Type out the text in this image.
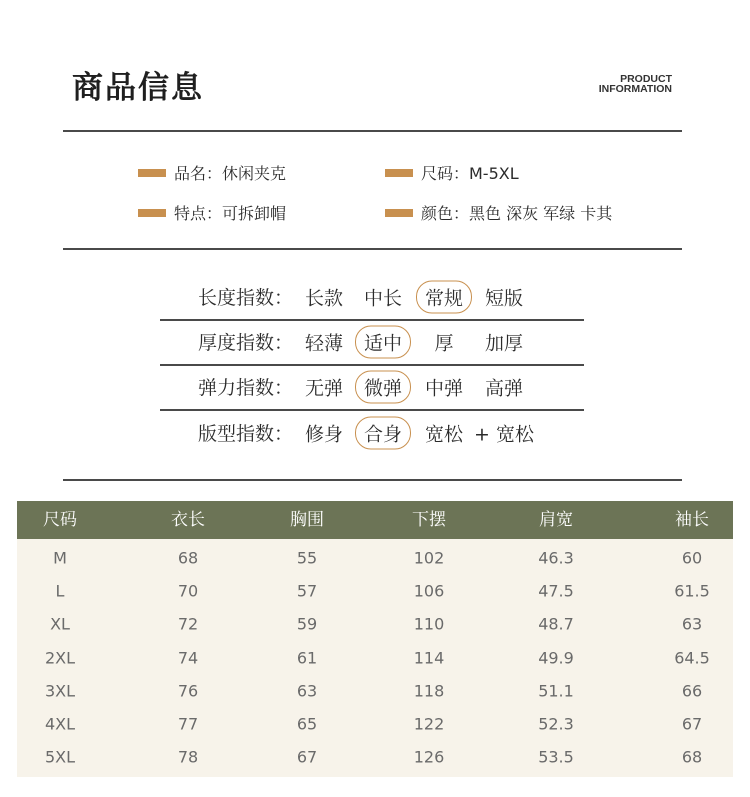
商品信息	PRODUCT
INFORMATION
品名：休闲夹克	尺码：M-5XL
特点：可拆卸帽	颜色：黑色 深灰 军绿 卡其
长度指数： 长款 中长	常规	短版
厚度指数： 轻薄	适中	厚 加厚
弹力指数： 无弹	微弹	中弹 高弹
版型指数： 修身	合身	宽松 + 宽松
尺码	衣长	胸围	下摆	肩宽	袖长
M	68	55	102	46.3	60
L	70	57	106	47.5	61.5
XL	72	59	110	48.7	63
2XL	74	61	114	49.9	64.5
3XL	76	63	118	51.1	66
4XL	77	65	122	52.3	67
5XL	78	67	126	53.5	68
